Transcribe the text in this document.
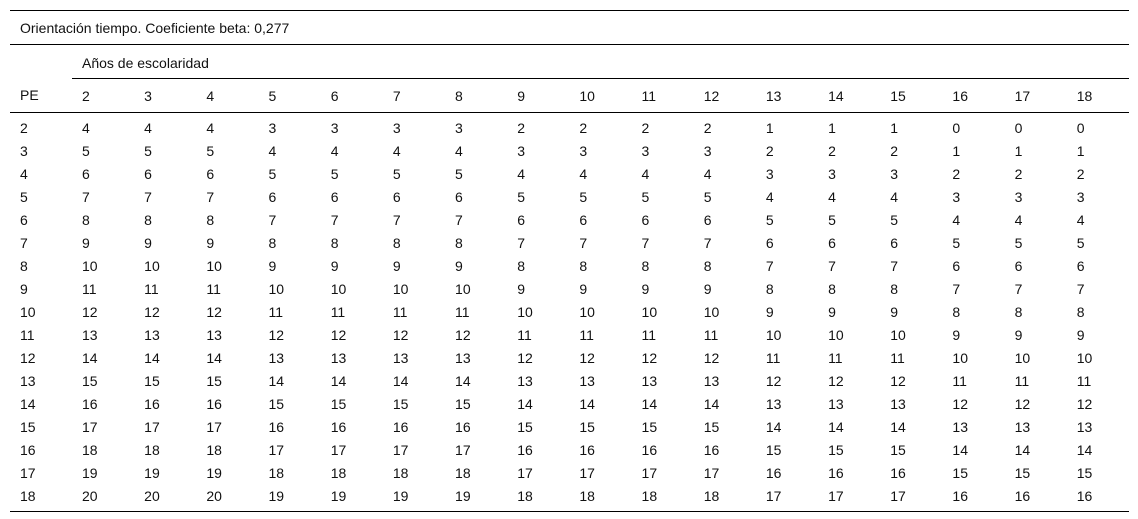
Orientación tiempo. Coeficiente beta: 0,277																	
	Años de escolaridad																
PE	2	3	4	5	6	7	8	9	10	11	12	13	14	15	16	17	18
2	4	4	4	3	3	3	3	2	2	2	2	1	1	1	0	0	0
3	5	5	5	4	4	4	4	3	3	3	3	2	2	2	1	1	1
4	6	6	6	5	5	5	5	4	4	4	4	3	3	3	2	2	2
5	7	7	7	6	6	6	6	5	5	5	5	4	4	4	3	3	3
6	8	8	8	7	7	7	7	6	6	6	6	5	5	5	4	4	4
7	9	9	9	8	8	8	8	7	7	7	7	6	6	6	5	5	5
8	10	10	10	9	9	9	9	8	8	8	8	7	7	7	6	6	6
9	11	11	11	10	10	10	10	9	9	9	9	8	8	8	7	7	7
10	12	12	12	11	11	11	11	10	10	10	10	9	9	9	8	8	8
11	13	13	13	12	12	12	12	11	11	11	11	10	10	10	9	9	9
12	14	14	14	13	13	13	13	12	12	12	12	11	11	11	10	10	10
13	15	15	15	14	14	14	14	13	13	13	13	12	12	12	11	11	11
14	16	16	16	15	15	15	15	14	14	14	14	13	13	13	12	12	12
15	17	17	17	16	16	16	16	15	15	15	15	14	14	14	13	13	13
16	18	18	18	17	17	17	17	16	16	16	16	15	15	15	14	14	14
17	19	19	19	18	18	18	18	17	17	17	17	16	16	16	15	15	15
18	20	20	20	19	19	19	19	18	18	18	18	17	17	17	16	16	16
